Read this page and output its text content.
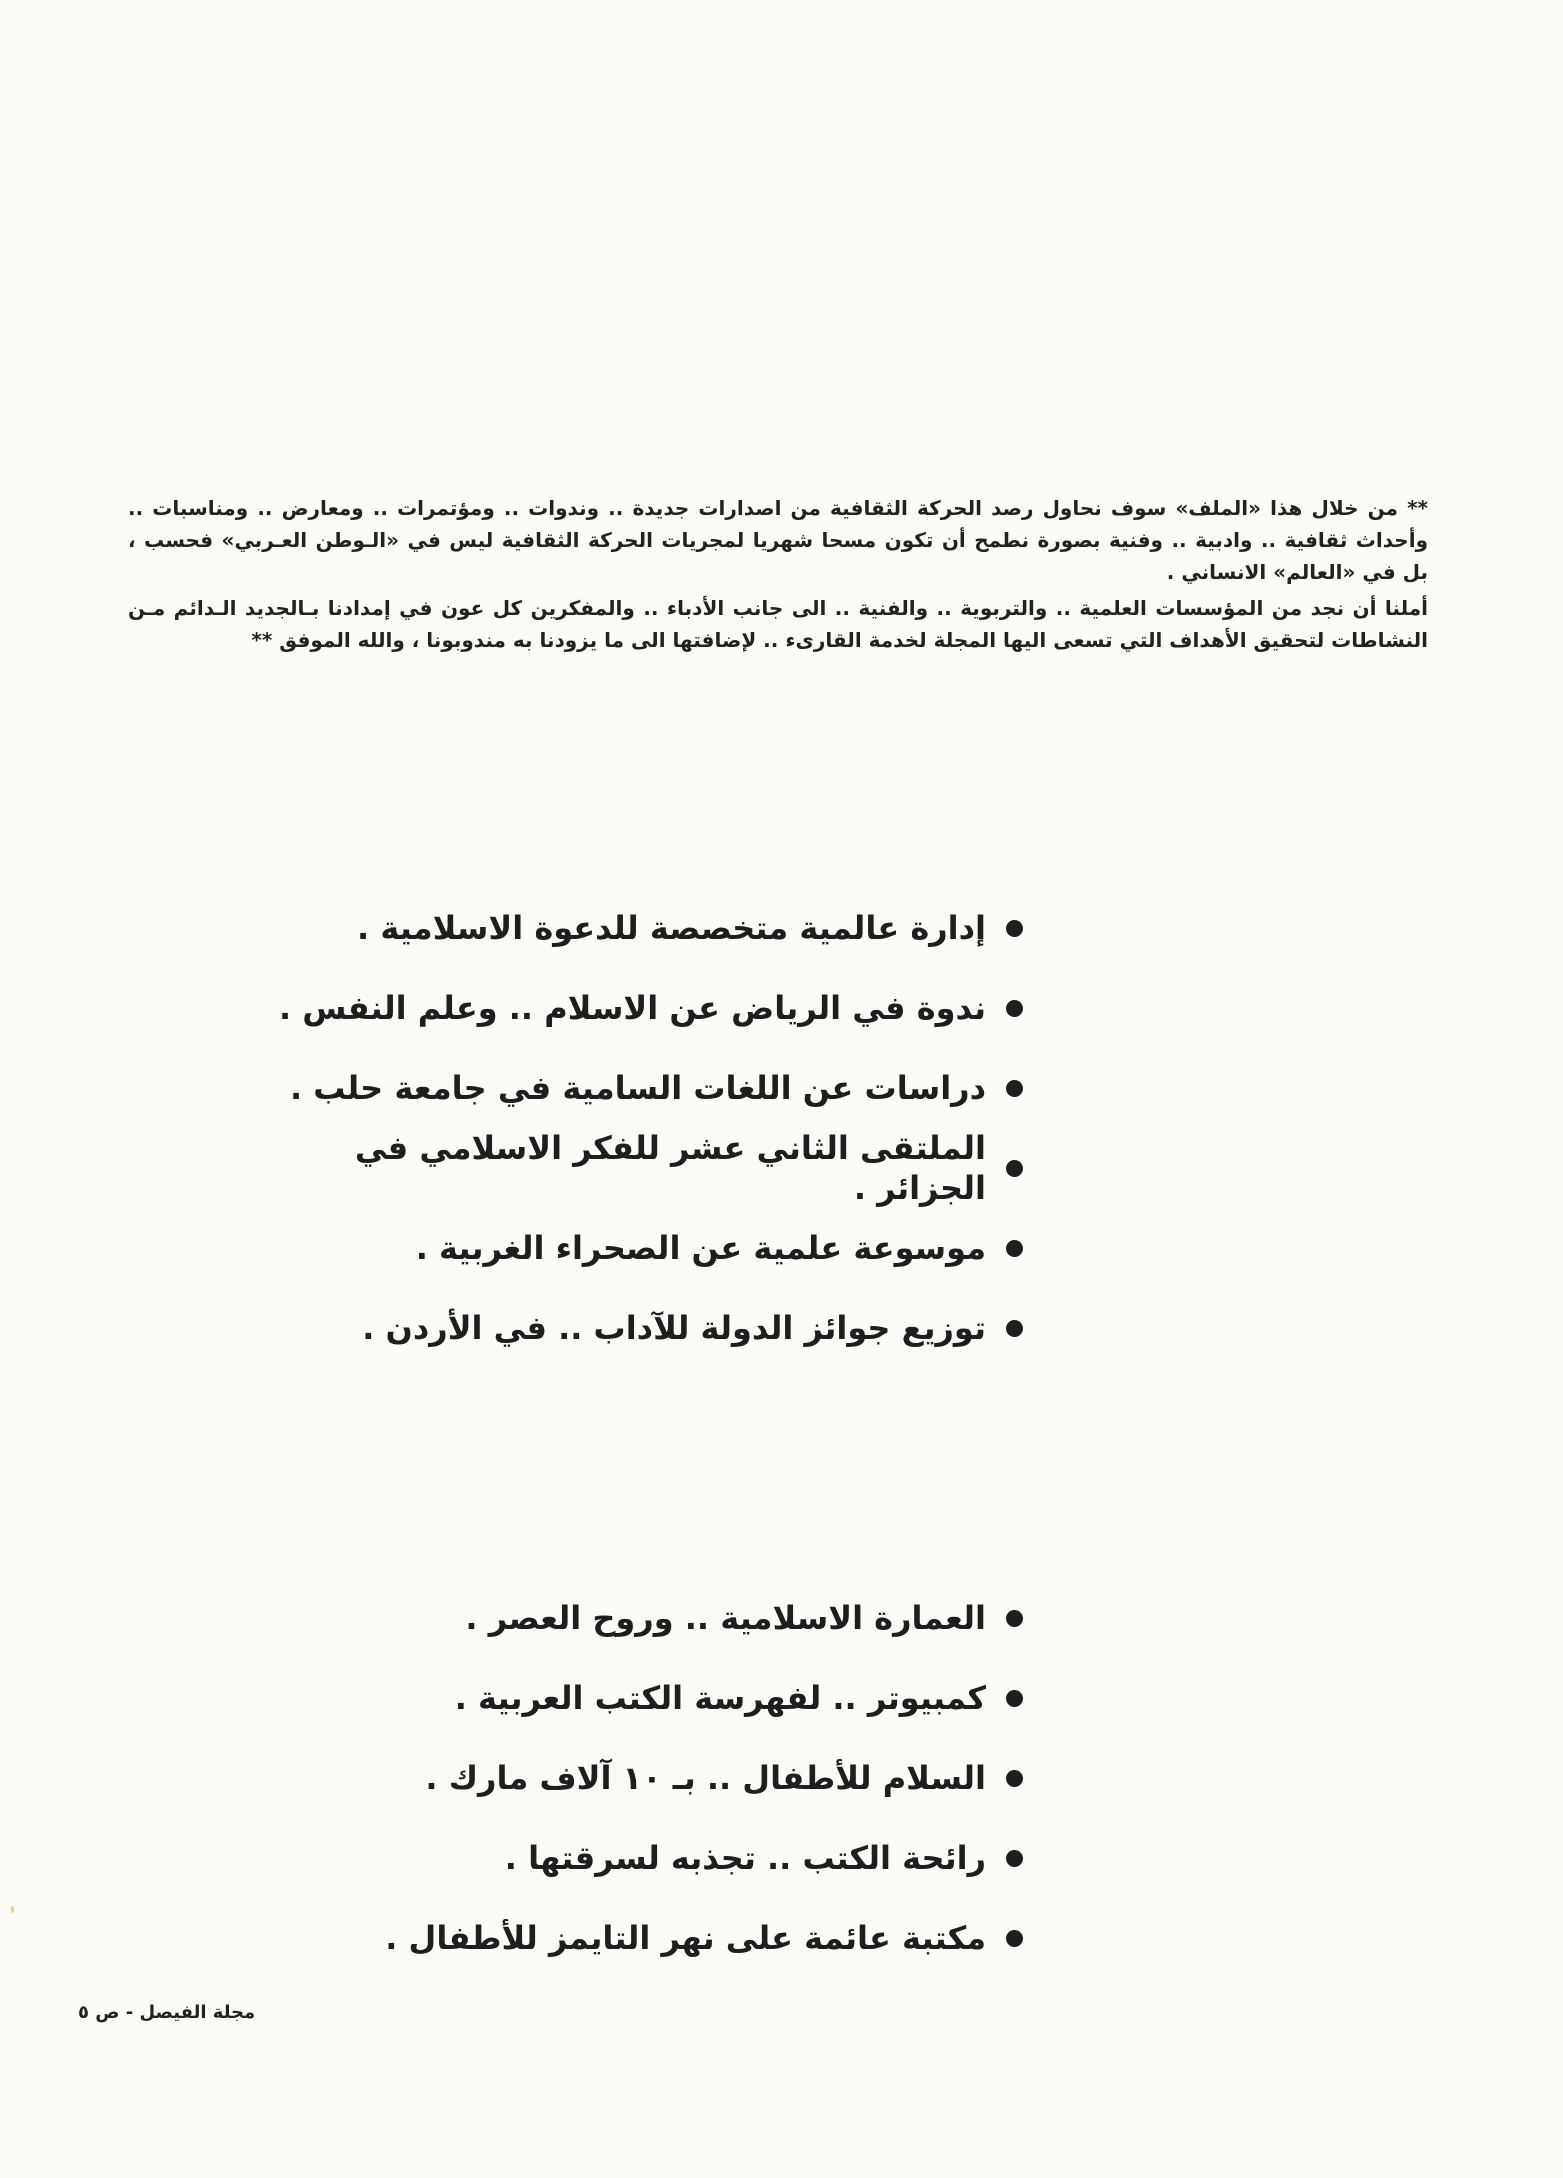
** من خلال هذا «الملف» سوف نحاول رصد الحركة الثقافية من اصدارات جديدة .. وندوات .. ومؤتمرات .. ومعارض .. ومناسبات .. وأحداث ثقافية .. وادبية .. وفنية بصورة نطمح أن تكون مسحا شهريا لمجريات الحركة الثقافية ليس في «الـوطن العـربي» فحسب ، بل في «العالم» الانساني .

أملنا أن نجد من المؤسسات العلمية .. والتربوية .. والفنية .. الى جانب الأدباء .. والمفكرين كل عون في إمدادنا بـالجديد الـدائم مـن النشاطات لتحقيق الأهداف التي تسعى اليها المجلة لخدمة القارىء .. لإضافتها الى ما يزودنا به مندوبونا ، والله الموفق **

إدارة عالمية متخصصة للدعوة الاسلامية .
ندوة في الرياض عن الاسلام .. وعلم النفس .
دراسات عن اللغات السامية في جامعة حلب .
الملتقى الثاني عشر للفكر الاسلامي في الجزائر .
موسوعة علمية عن الصحراء الغربية .
توزيع جوائز الدولة للآداب .. في الأردن .
العمارة الاسلامية .. وروح العصر .
كمبيوتر .. لفهرسة الكتب العربية .
السلام للأطفال .. بـ ١٠ آلاف مارك .
رائحة الكتب .. تجذبه لسرقتها .
مكتبة عائمة على نهر التايمز للأطفال .
مجلة الفيصل - ص ٥
